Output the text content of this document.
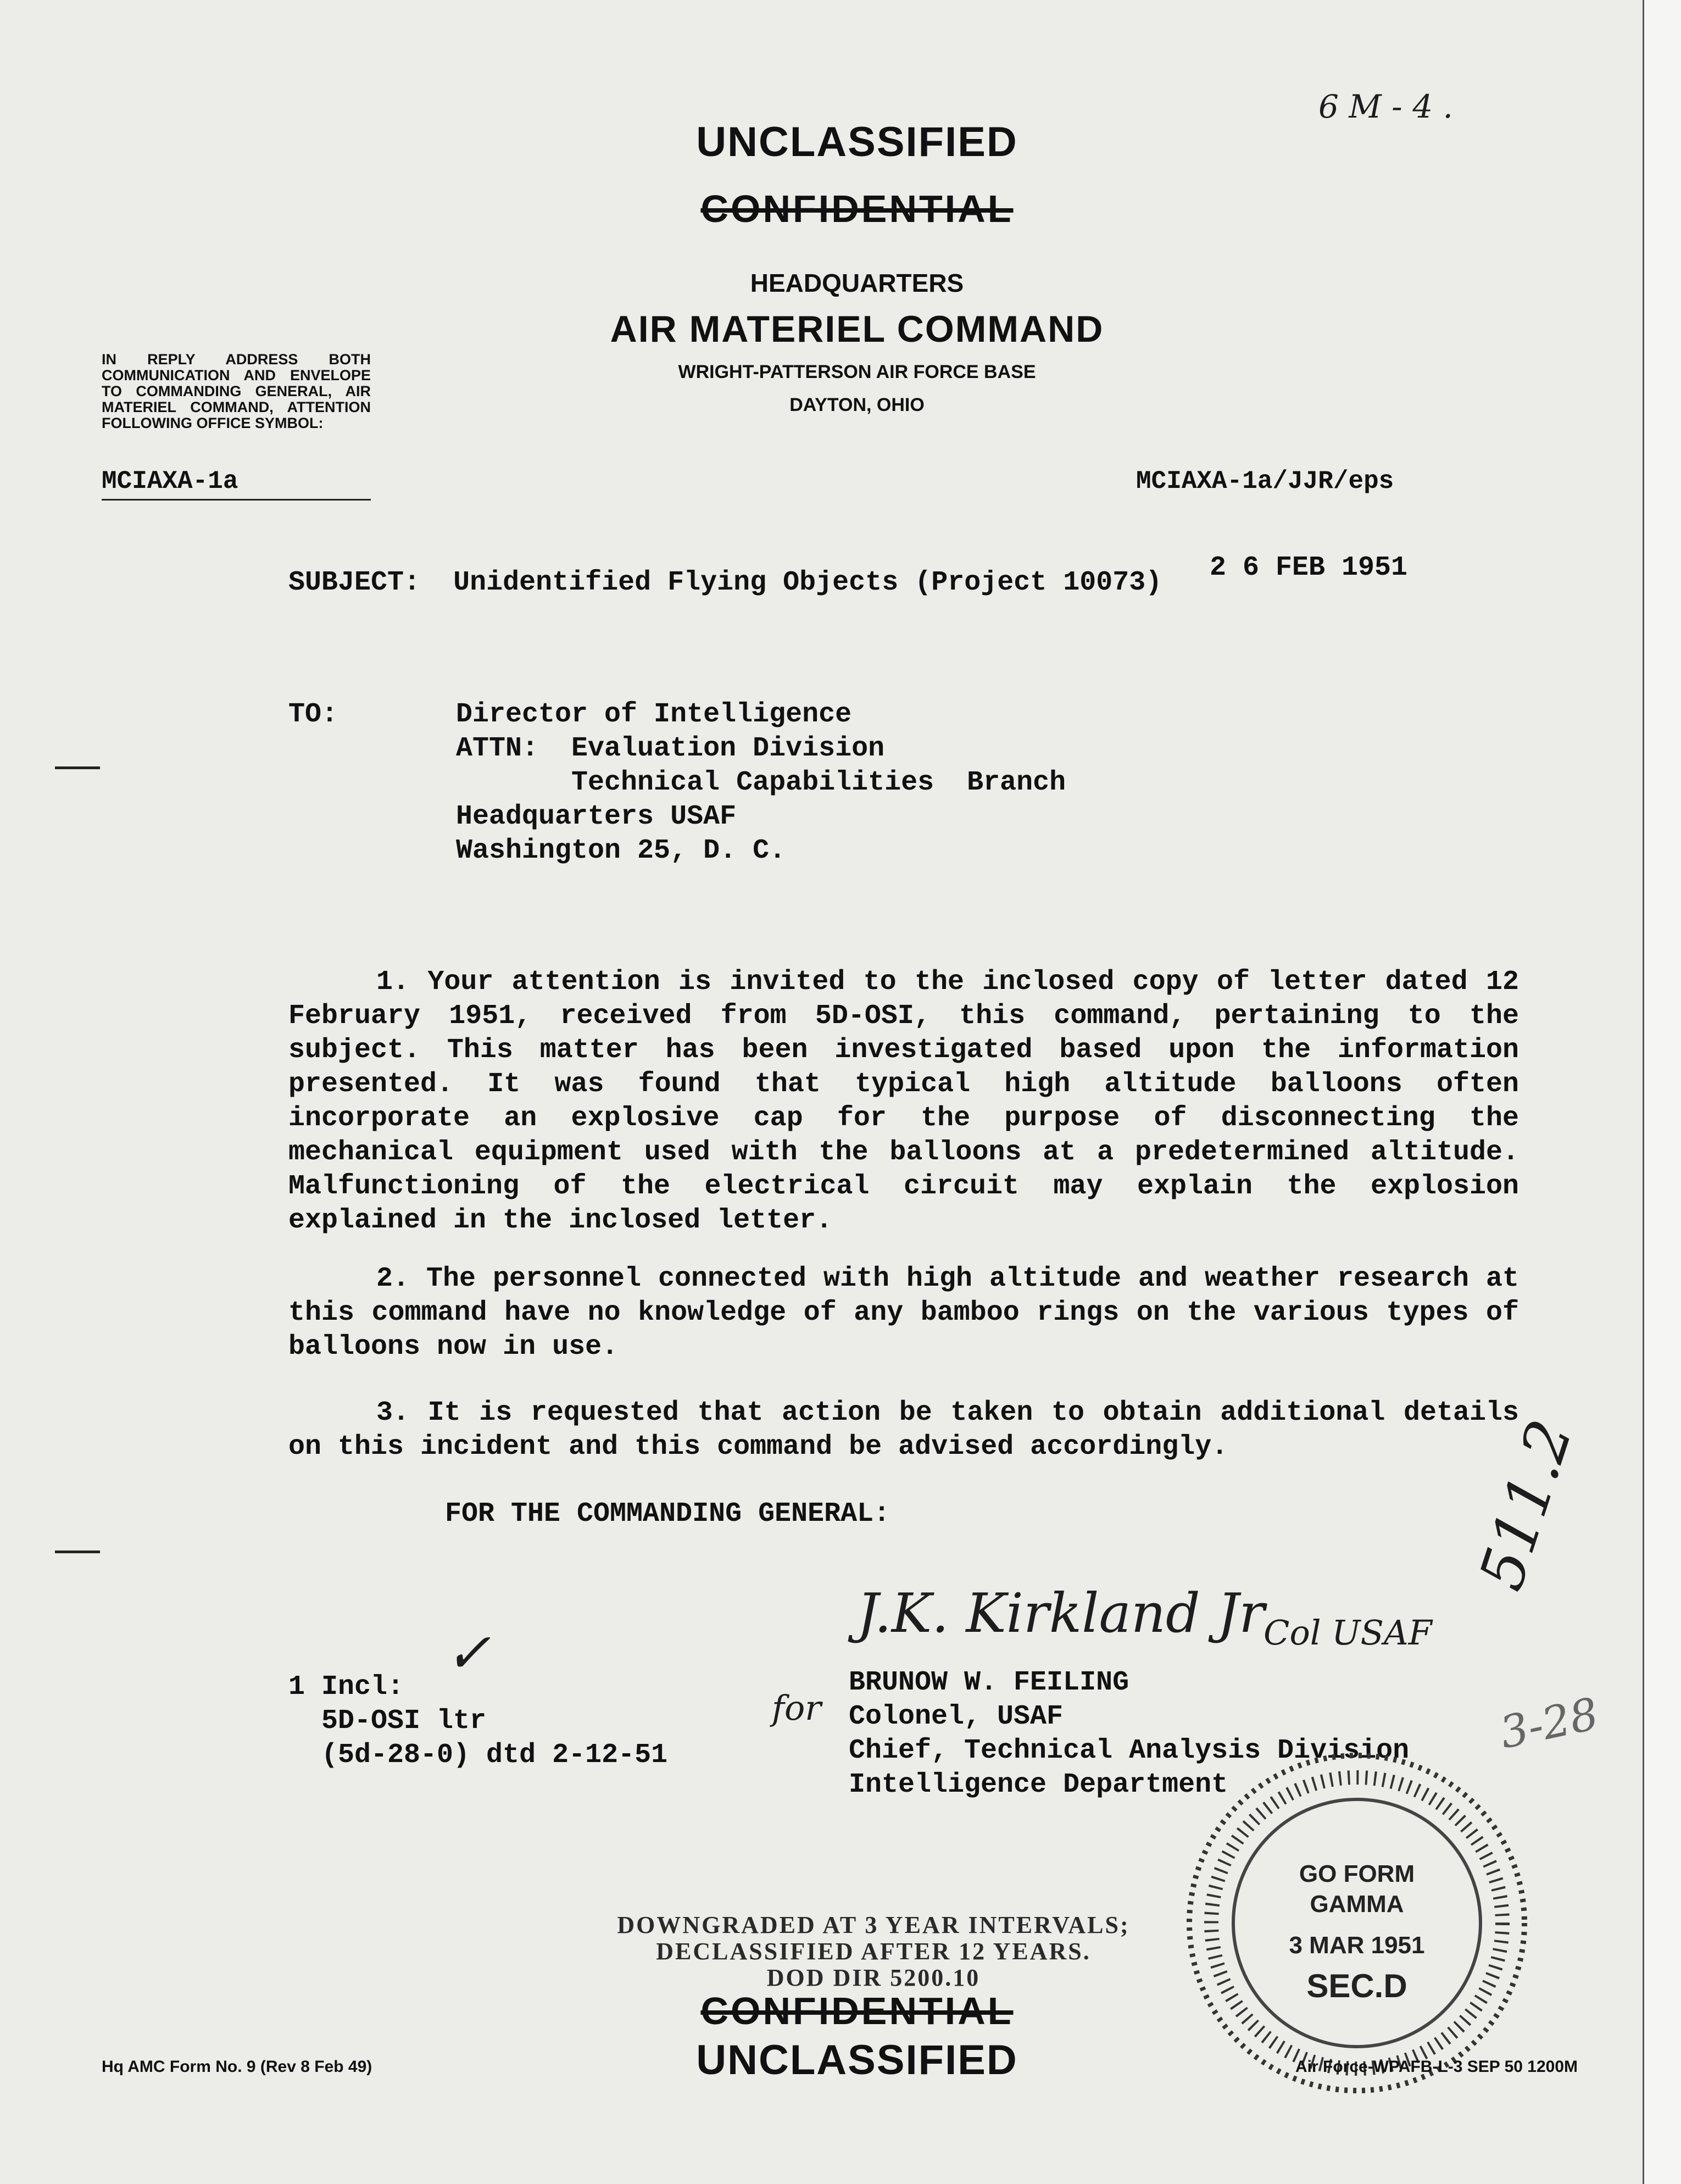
UNCLASSIFIED
CONFIDENTIAL
HEADQUARTERS
AIR MATERIEL COMMAND
WRIGHT-PATTERSON AIR FORCE BASE
DAYTON, OHIO
6 M - 4 .
IN REPLY ADDRESS BOTH COMMUNICATION AND ENVELOPE TO COMMANDING GENERAL, AIR MATERIEL COMMAND, ATTENTION FOLLOWING OFFICE SYMBOL:
MCIAXA-1a	MCIAXA-1a/JJR/eps
SUBJECT: Unidentified Flying Objects (Project 10073) 2 6 FEB 1951
TO:	Director of Intelligence
ATTN:  Evaluation Division
Technical Capabilities  Branch
Headquarters USAF
Washington 25, D. C.
1. Your attention is invited to the inclosed copy of letter dated 12 February 1951, received from 5D-OSI, this command, pertaining to the subject. This matter has been investigated based upon the information presented. It was found that typical high altitude balloons often incorporate an explosive cap for the purpose of disconnecting the mechanical equipment used with the balloons at a predetermined altitude. Malfunctioning of the electrical circuit may explain the explosion explained in the inclosed letter.
2. The personnel connected with high altitude and weather research at this command have no knowledge of any bamboo rings on the various types of balloons now in use.
3. It is requested that action be taken to obtain additional details on this incident and this command be advised accordingly.
FOR THE COMMANDING GENERAL:
1 Incl:
5D-OSI ltr
(5d-28-0) dtd 2-12-51
✓	BRUNOW W. FEILING
Colonel, USAF
Chief, Technical Analysis Division
Intelligence Department
J.K. Kirkland Jr
Col USAF
for
511.2
3-28
GO FORM
GAMMA
3 MAR 1951
SEC.D
DOWNGRADED AT 3 YEAR INTERVALS;
DECLASSIFIED AFTER 12 YEARS.
DOD DIR 5200.10
CONFIDENTIAL
UNCLASSIFIED
Hq AMC Form No. 9 (Rev 8 Feb 49)	Air Force-WPAFB-L-3 SEP 50 1200M
